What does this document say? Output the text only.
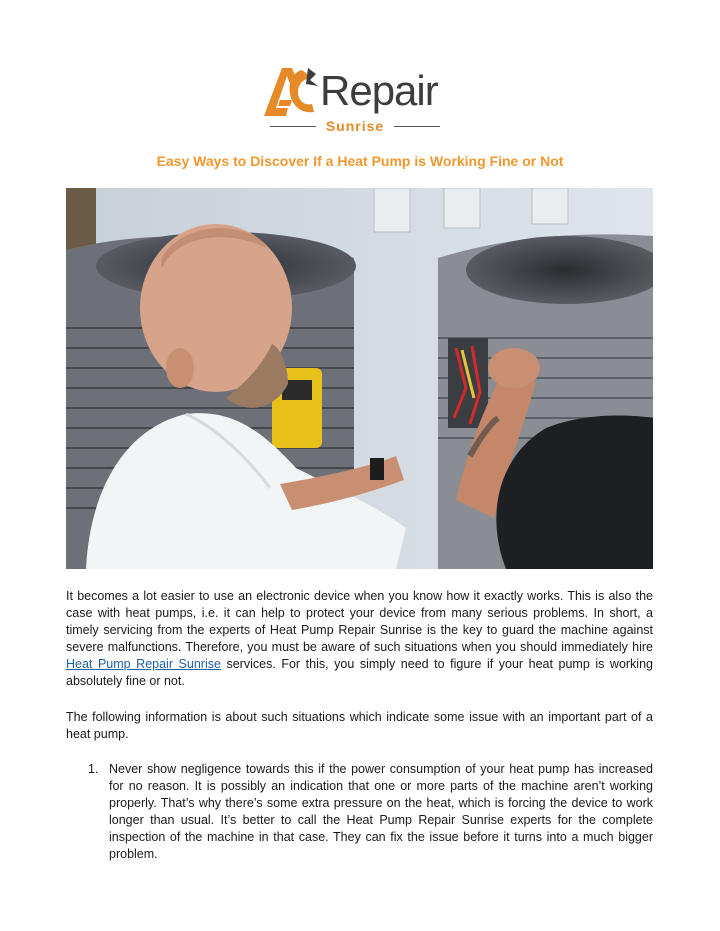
Repair
Sunrise
Easy Ways to Discover If a Heat Pump is Working Fine or Not
It becomes a lot easier to use an electronic device when you know how it exactly works. This is also the case with heat pumps, i.e. it can help to protect your device from many serious problems. In short, a timely servicing from the experts of Heat Pump Repair Sunrise is the key to guard the machine against severe malfunctions. Therefore, you must be aware of such situations when you should immediately hire Heat Pump Repair Sunrise services. For this, you simply need to figure if your heat pump is working absolutely fine or not.
The following information is about such situations which indicate some issue with an important part of a heat pump.
1. Never show negligence towards this if the power consumption of your heat pump has increased for no reason. It is possibly an indication that one or more parts of the machine aren’t working properly. That’s why there’s some extra pressure on the heat, which is forcing the device to work longer than usual. It’s better to call the Heat Pump Repair Sunrise experts for the complete inspection of the machine in that case. They can fix the issue before it turns into a much bigger problem.
